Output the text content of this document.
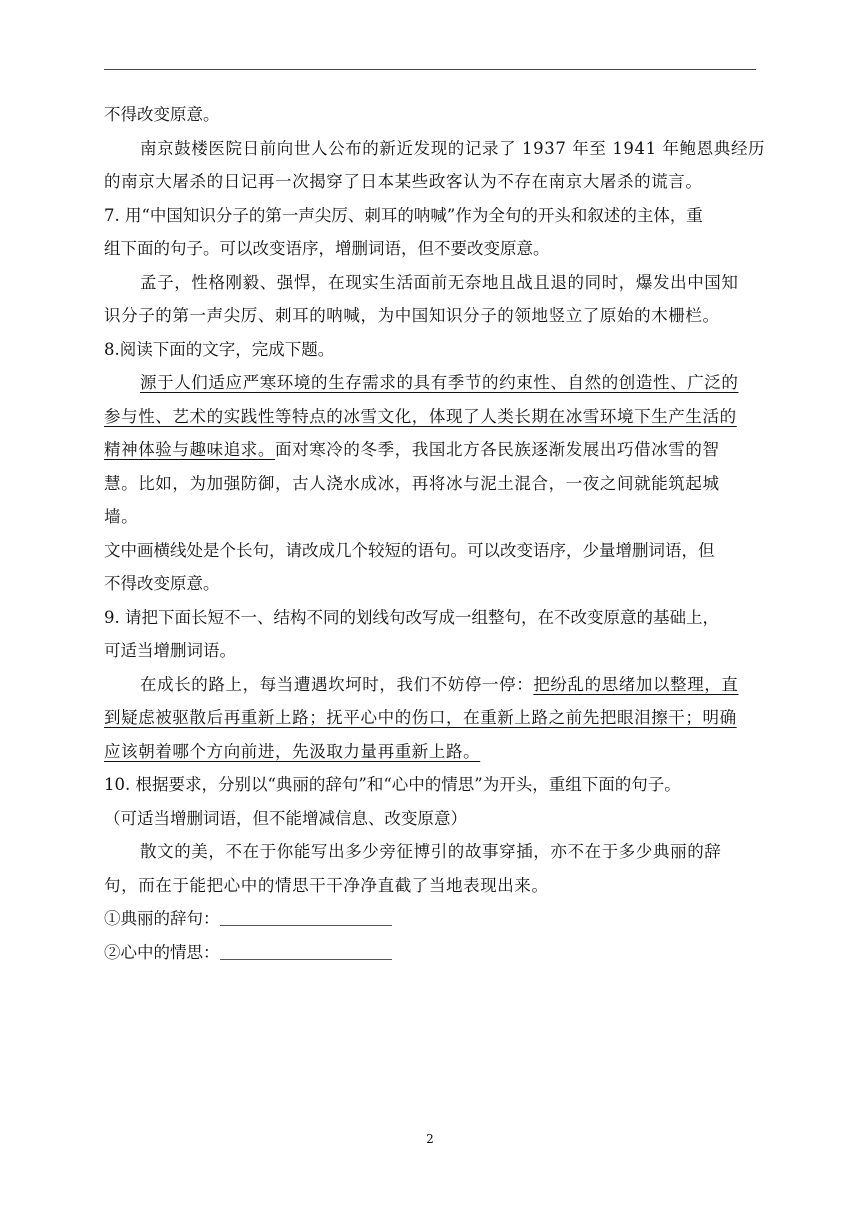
不得改变原意。
南京鼓楼医院日前向世人公布的新近发现的记录了 1937 年至 1941 年鲍恩典经历
的南京大屠杀的日记再一次揭穿了日本某些政客认为不存在南京大屠杀的谎言。
7. 用“中国知识分子的第一声尖厉、刺耳的呐喊”作为全句的开头和叙述的主体，重
组下面的句子。可以改变语序，增删词语，但不要改变原意。
孟子，性格刚毅、强悍，在现实生活面前无奈地且战且退的同时，爆发出中国知
识分子的第一声尖厉、刺耳的呐喊，为中国知识分子的领地竖立了原始的木栅栏。
8.阅读下面的文字，完成下题。
源于人们适应严寒环境的生存需求的具有季节的约束性、自然的创造性、广泛的
参与性、艺术的实践性等特点的冰雪文化，体现了人类长期在冰雪环境下生产生活的
精神体验与趣味追求。面对寒冷的冬季，我国北方各民族逐渐发展出巧借冰雪的智
慧。比如，为加强防御，古人浇水成冰，再将冰与泥土混合，一夜之间就能筑起城
墙。
文中画横线处是个长句，请改成几个较短的语句。可以改变语序，少量增删词语，但
不得改变原意。
9. 请把下面长短不一、结构不同的划线句改写成一组整句，在不改变原意的基础上，
可适当增删词语。
在成长的路上，每当遭遇坎坷时，我们不妨停一停：把纷乱的思绪加以整理，直
到疑虑被驱散后再重新上路；抚平心中的伤口，在重新上路之前先把眼泪擦干；明确
应该朝着哪个方向前进，先汲取力量再重新上路。
10. 根据要求，分别以“典丽的辞句”和“心中的情思”为开头，重组下面的句子。
（可适当增删词语，但不能增减信息、改变原意）
散文的美，不在于你能写出多少旁征博引的故事穿插，亦不在于多少典丽的辞
句，而在于能把心中的情思干干净净直截了当地表现出来。
①典丽的辞句：
②心中的情思：
2
